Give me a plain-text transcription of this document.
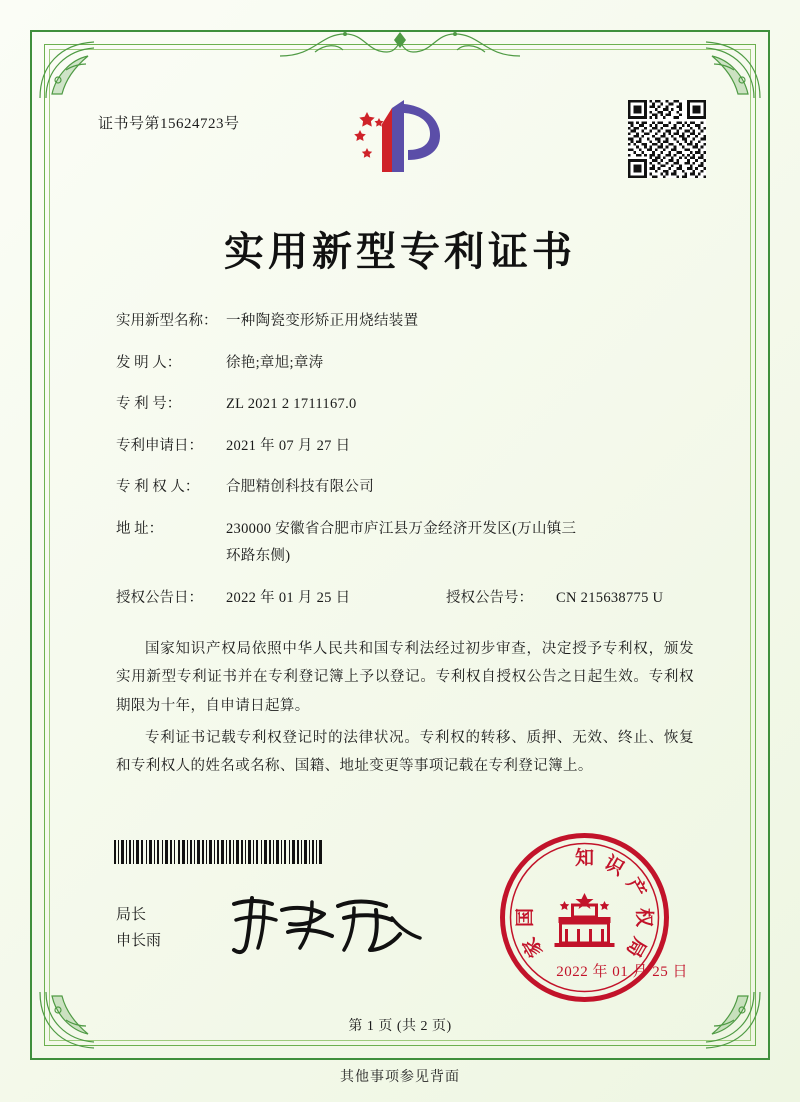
证书号第15624723号
实用新型专利证书
实用新型名称： 一种陶瓷变形矫正用烧结装置
发 明 人：	徐艳;章旭;章涛
专 利 号：	ZL 2021 2 1711167.0
专利申请日：	2021 年 07 月 27 日
专 利 权 人： 合肥精创科技有限公司
地 址：	230000 安徽省合肥市庐江县万金经济开发区(万山镇三
环路东侧)
授权公告日：	2022 年 01 月 25 日	授权公告号：	CN 215638775 U

国家知识产权局依照中华人民共和国专利法经过初步审查，决定授予专利权，颁发实用新型专利证书并在专利登记簿上予以登记。专利权自授权公告之日起生效。专利权期限为十年，自申请日起算。

专利证书记载专利权登记时的法律状况。专利权的转移、质押、无效、终止、恢复和专利权人的姓名或名称、国籍、地址变更等事项记载在专利登记簿上。

局长
申长雨
知 识
产
权
局
家
国
2022 年 01 月 25 日
第 1 页 (共 2 页)
其他事项参见背面
